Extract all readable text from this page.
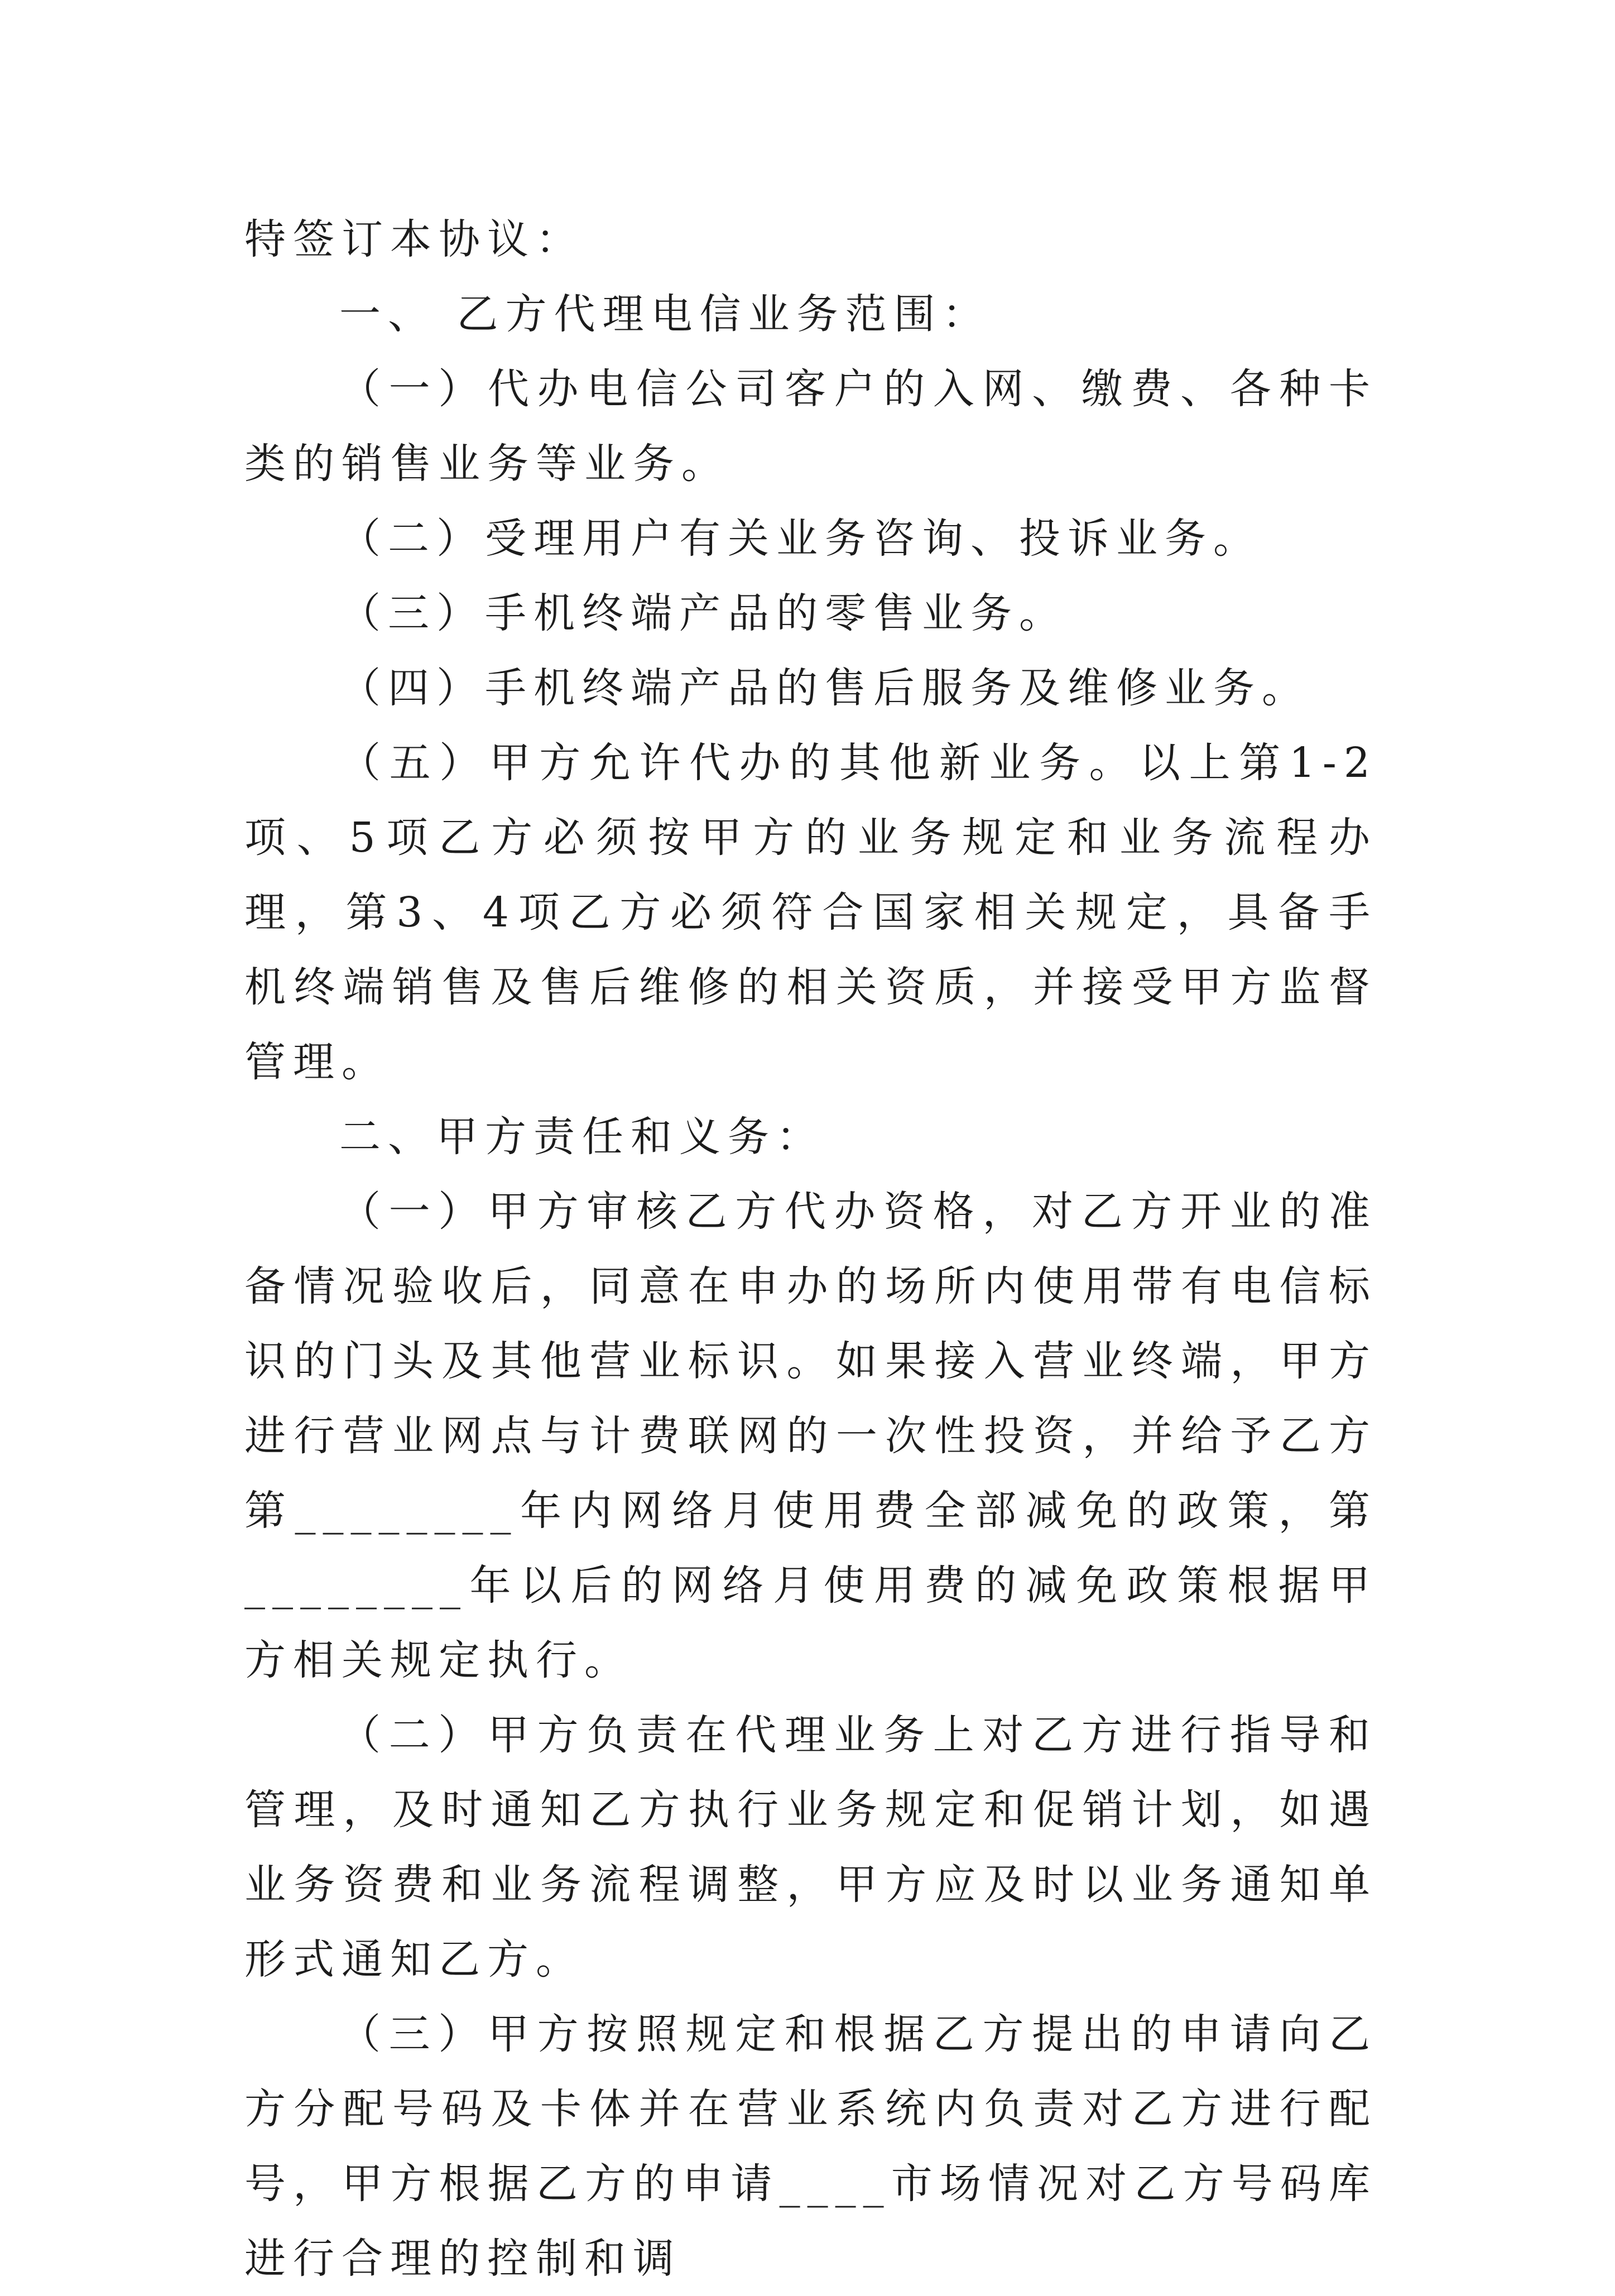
特签订本协议：

一、 乙方代理电信业务范围：

（一）代办电信公司客户的入网、缴费、各种卡类的销售业务等业务。

（二）受理用户有关业务咨询、投诉业务。

（三）手机终端产品的零售业务。

（四）手机终端产品的售后服务及维修业务。

（五）甲方允许代办的其他新业务。以上第1-2项、5项乙方必须按甲方的业务规定和业务流程办理，第3、4项乙方必须符合国家相关规定，具备手机终端销售及售后维修的相关资质，并接受甲方监督管理。

二、甲方责任和义务：

（一）甲方审核乙方代办资格，对乙方开业的准备情况验收后，同意在申办的场所内使用带有电信标识的门头及其他营业标识。如果接入营业终端，甲方进行营业网点与计费联网的一次性投资，并给予乙方第________年内网络月使用费全部减免的政策，第________年以后的网络月使用费的减免政策根据甲方相关规定执行。

（二）甲方负责在代理业务上对乙方进行指导和管理，及时通知乙方执行业务规定和促销计划，如遇业务资费和业务流程调整，甲方应及时以业务通知单形式通知乙方。

（三）甲方按照规定和根据乙方提出的申请向乙方分配号码及卡体并在营业系统内负责对乙方进行配号，甲方根据乙方的申请____市场情况对乙方号码库进行合理的控制和调
